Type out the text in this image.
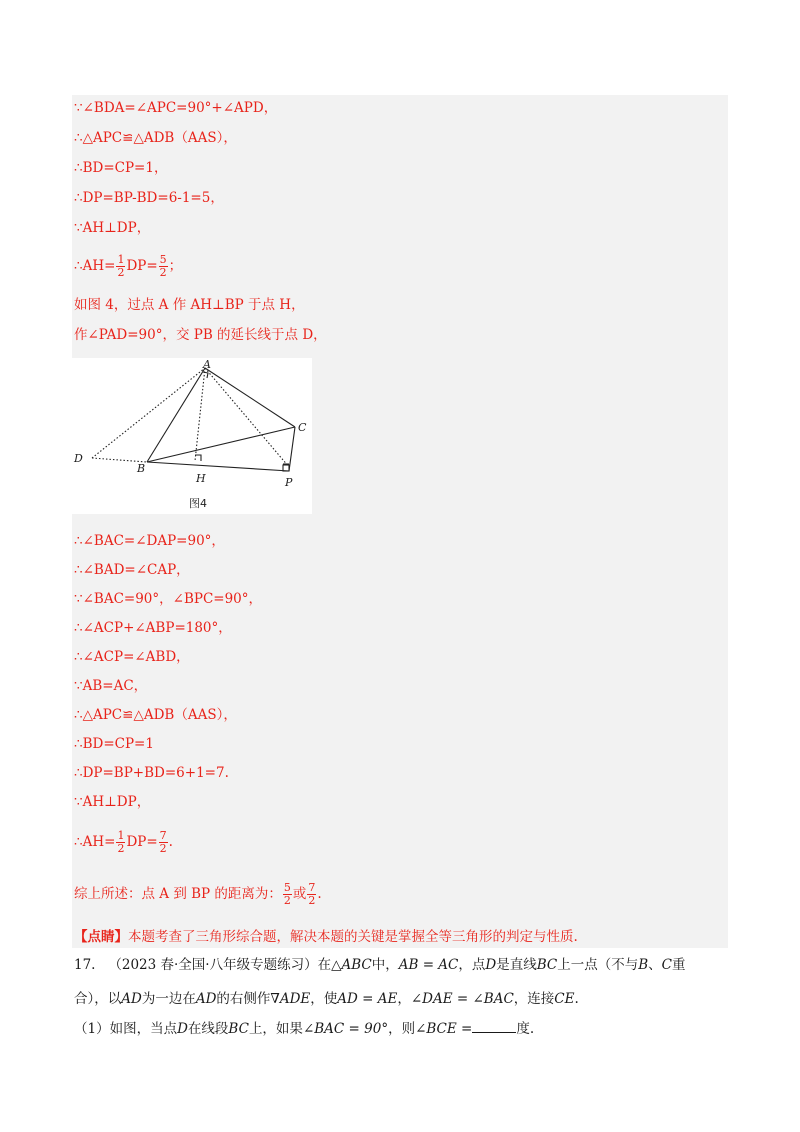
∵∠BDA=∠APC=90°+∠APD，
∴△APC≌△ADB（AAS），
∴BD=CP=1，
∴DP=BP-BD=6-1=5，
∵AH⊥DP，
∴AH= $\frac{1}{2} DP= \frac{5}{2}$ ；
如图 4，过点 A 作 AH⊥BP 于点 H，
作∠PAD=90°，交 PB 的延长线于点 D，
A
D
B
C
H	P
图4
∴∠BAC=∠DAP=90°，
∴∠BAD=∠CAP，
∵∠BAC=90°，∠BPC=90°，
∴∠ACP+∠ABP=180°，
∴∠ACP=∠ABD，
∵AB=AC，
∴△APC≌△ADB（AAS），
∴BD=CP=1
∴DP=BP+BD=6+1=7.
∵AH⊥DP，
∴AH= $\frac{1}{2} DP= \frac{7}{2}$ .
综上所述：点 A 到 BP 的距离为： $\frac{5}{2}$ 或 $\frac{7}{2}$ .
【点睛】本题考查了三角形综合题，解决本题的关键是掌握全等三角形的判定与性质.
17. （2023 春·全国·八年级专题练习）在△ABC中，AB = AC，点D是直线BC上一点（不与B、C重
合），以AD为一边在AD的右侧作∇ADE，使AD = AE，∠DAE = ∠BAC，连接CE.
（1）如图，当点D在线段BC上，如果∠BAC = 90°，则∠BCE =	度.
